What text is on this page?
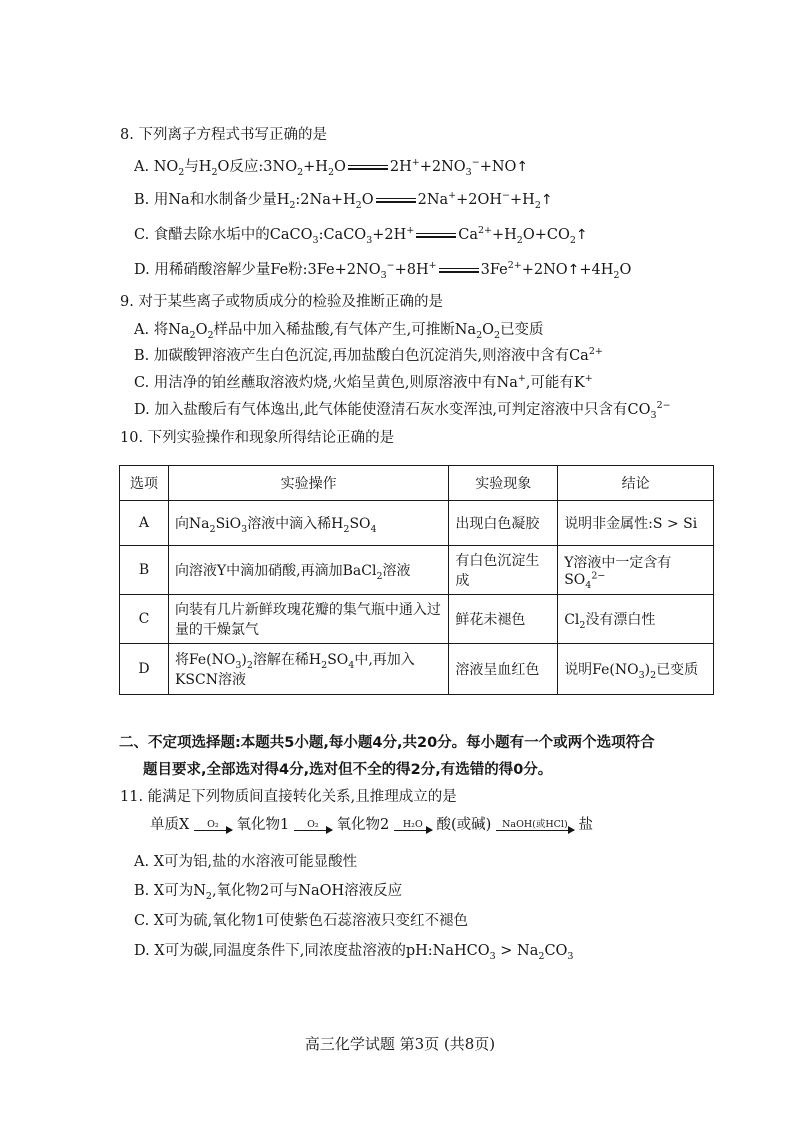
8. 下列离子方程式书写正确的是
A. $NO_2$与$H_2O$反应$:3NO_2+H_2O$	$2H^++2NO_3^-+NO↑$
B. 用Na和水制备少量$H_2:2Na+H_2O$	$2Na^++2OH^-+H_2↑$
C. 食醋去除水垢中的CaCO$_3$:CaCO$_3$+2H+	$Ca^{2+}+H_2O+CO_2↑$
D. 用稀硝酸溶解少量Fe粉$:3Fe+2NO_3^-+8H^+$	$3Fe^{2+}+2NO↑+4H_2O$
9. 对于某些离子或物质成分的检验及推断正确的是
A. 将$Na_2O_2$样品中加入稀盐酸,有气体产生,可推断$Na_2O_2$已变质
B. 加碳酸钾溶液产生白色沉淀,再加盐酸白色沉淀消失,则溶液中含有$Ca^{2+}$
C. 用洁净的铂丝蘸取溶液灼烧,火焰呈黄色,则原溶液中有Na+,可能有K+
D. 加入盐酸后有气体逸出,此气体能使澄清石灰水变浑浊,可判定溶液中只含有$CO_3^{2-}$
10. 下列实验操作和现象所得结论正确的是
选项	实验操作	实验现象	结论
A	向$Na_2SiO_3$溶液中滴入稀$H_2SO_4$	出现白色凝胶	说明非金属性:S > Si
B	向溶液Y中滴加硝酸,再滴加BaCl$_2$溶液	有白色沉淀生成	Y溶液中一定含有$SO_4^{2-}$
C	向装有几片新鲜玫瑰花瓣的集气瓶中通入过量的干燥氯气	鲜花未褪色	$Cl_2$没有漂白性
D	将$Fe(NO_3)_2$溶解在稀$H_2SO_4$中,再加入KSCN溶液	溶液呈血红色	说明$Fe(NO_3)_2$已变质
二、不定项选择题:本题共5小题,每小题4分,共20分。每小题有一个或两个选项符合
题目要求,全部选对得4分,选对但不全的得2分,有选错的得0分。
11. 能满足下列物质间直接转化关系,且推理成立的是
单质X	O₂	氧化物1	O₂	氧化物2	H₂O 酸(或碱)	NaOH(或HCl) 盐
A. X可为铝,盐的水溶液可能显酸性
B. X可为$N_2$,氧化物2可与NaOH溶液反应
C. X可为硫,氧化物1可使紫色石蕊溶液只变红不褪色
D. X可为碳,同温度条件下,同浓度盐溶液的pH:NaHCO$_3$ > $Na_2CO_3$
高三化学试题 第3页 (共8页)
